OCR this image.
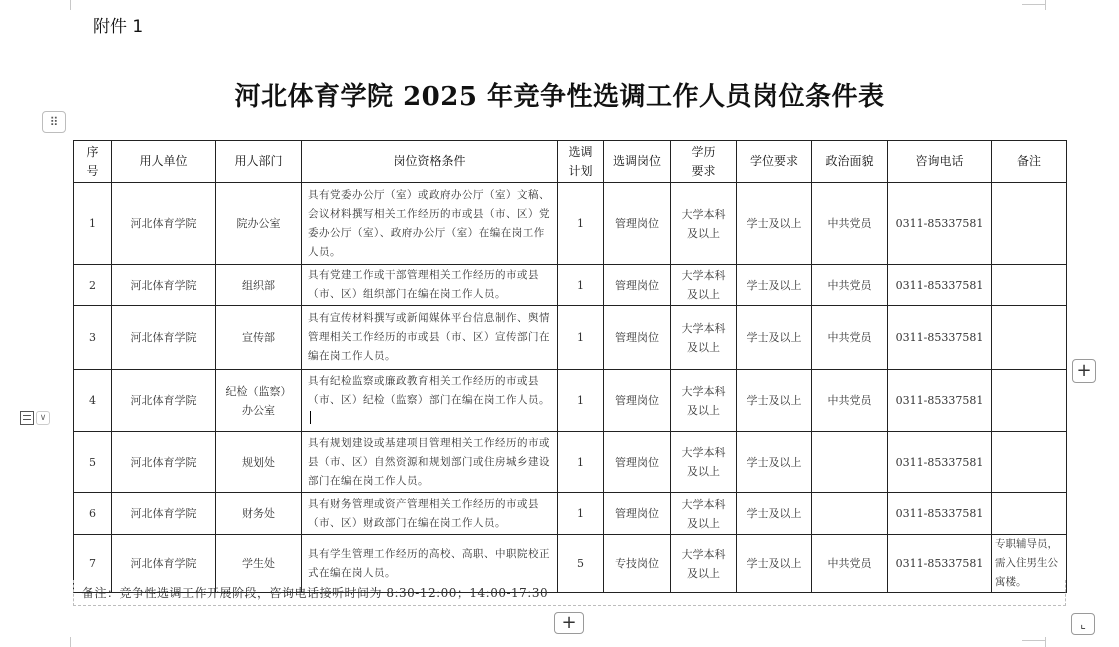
附件 1
河北体育学院 2025 年竞争性选调工作人员岗位条件表
⠿
序号	用人单位	用人部门	岗位资格条件	选调计划	选调岗位	学历要求	学位要求	政治面貌	咨询电话	备注
1	河北体育学院	院办公室	具有党委办公厅（室）或政府办公厅（室）文稿、会议材料撰写相关工作经历的市或县（市、区）党委办公厅（室）、政府办公厅（室）在编在岗工作人员。	1	管理岗位	大学本科及以上	学士及以上	中共党员	0311-85337581	
2	河北体育学院	组织部	具有党建工作或干部管理相关工作经历的市或县（市、区）组织部门在编在岗工作人员。	1	管理岗位	大学本科及以上	学士及以上	中共党员	0311-85337581	
3	河北体育学院	宣传部	具有宣传材料撰写或新闻媒体平台信息制作、舆情管理相关工作经历的市或县（市、区）宣传部门在编在岗工作人员。	1	管理岗位	大学本科及以上	学士及以上	中共党员	0311-85337581	
4	河北体育学院	纪检（监察）办公室	具有纪检监察或廉政教育相关工作经历的市或县（市、区）纪检（监察）部门在编在岗工作人员。	1	管理岗位	大学本科及以上	学士及以上	中共党员	0311-85337581	
5	河北体育学院	规划处	具有规划建设或基建项目管理相关工作经历的市或县（市、区）自然资源和规划部门或住房城乡建设部门在编在岗工作人员。	1	管理岗位	大学本科及以上	学士及以上		0311-85337581	
6	河北体育学院	财务处	具有财务管理或资产管理相关工作经历的市或县（市、区）财政部门在编在岗工作人员。	1	管理岗位	大学本科及以上	学士及以上		0311-85337581	
7	河北体育学院	学生处	具有学生管理工作经历的高校、高职、中职院校正式在编在岗人员。	5	专技岗位	大学本科及以上	学士及以上	中共党员	0311-85337581	专职辅导员，需入住男生公寓楼。
备注：竞争性选调工作开展阶段，咨询电话接听时间为 8:30-12:00；14:00-17:30
∨
+
+	⌞
